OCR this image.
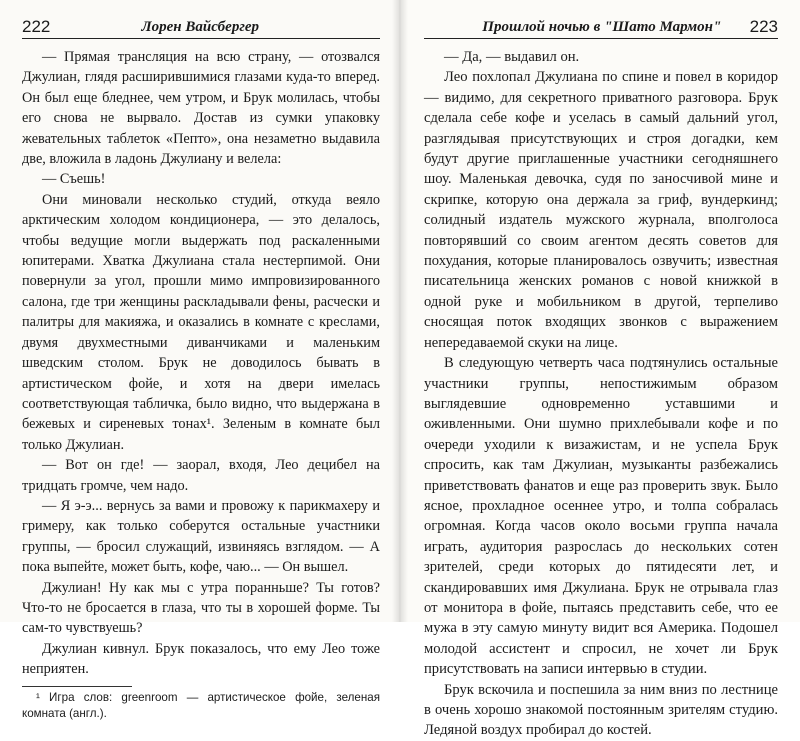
222	Лорен Вайсбергер

— Прямая трансляция на всю страну, — отозвался Джулиан, глядя расширившимися глазами куда-то вперед. Он был еще бледнее, чем утром, и Брук молилась, чтобы его снова не вырвало. Достав из сумки упаковку жевательных таблеток «Пепто», она незаметно выдавила две, вложила в ладонь Джулиану и велела:

— Съешь!

Они миновали несколько студий, откуда веяло арктическим холодом кондиционера, — это делалось, чтобы ведущие могли выдержать под раскаленными юпитерами. Хватка Джулиана стала нестерпимой. Они повернули за угол, прошли мимо импровизированного салона, где три женщины раскладывали фены, расчески и палитры для макияжа, и оказались в комнате с креслами, двумя двухместными диванчиками и маленьким шведским столом. Брук не доводилось бывать в артистическом фойе, и хотя на двери имелась соответствующая табличка, было видно, что выдержана в бежевых и сиреневых тонах¹. Зеленым в комнате был только Джулиан.

— Вот он где! — заорал, входя, Лео децибел на тридцать громче, чем надо.

— Я э-э... вернусь за вами и провожу к парикмахеру и гримеру, как только соберутся остальные участники группы, — бросил служащий, извиняясь взглядом. — А пока выпейте, может быть, кофе, чаю... — Он вышел.

Джулиан! Ну как мы с утра поранньше? Ты готов? Что-то не бросается в глаза, что ты в хорошей форме. Ты сам-то чувствуешь?

Джулиан кивнул. Брук показалось, что ему Лео тоже неприятен.

¹ Игра слов: greenroom — артистическое фойе, зеленая комната (англ.).

Прошлой ночью в "Шато Мармон" 223

— Да, — выдавил он.

Лео похлопал Джулиана по спине и повел в коридор — видимо, для секретного приватного разговора. Брук сделала себе кофе и уселась в самый дальний угол, разглядывая присутствующих и строя догадки, кем будут другие приглашенные участники сегодняшнего шоу. Маленькая девочка, судя по заносчивой мине и скрипке, которую она держала за гриф, вундеркинд; солидный издатель мужского журнала, вполголоса повторявший со своим агентом десять советов для похудания, которые планировалось озвучить; известная писательница женских романов с новой книжкой в одной руке и мобильником в другой, терпеливо сносящая поток входящих звонков с выражением непередаваемой скуки на лице.

В следующую четверть часа подтянулись остальные участники группы, непостижимым образом выглядевшие одновременно уставшими и оживленными. Они шумно прихлебывали кофе и по очереди уходили к визажистам, и не успела Брук спросить, как там Джулиан, музыканты разбежались приветствовать фанатов и еще раз проверить звук. Было ясное, прохладное осеннее утро, и толпа собралась огромная. Когда часов около восьми группа начала играть, аудитория разрослась до нескольких сотен зрителей, среди которых до пятидесяти лет, и скандировавших имя Джулиана. Брук не отрывала глаз от монитора в фойе, пытаясь представить себе, что ее мужа в эту самую минуту видит вся Америка. Подошел молодой ассистент и спросил, не хочет ли Брук присутствовать на записи интервью в студии.

Брук вскочила и поспешила за ним вниз по лестнице в очень хорошо знакомой постоянным зрителям студию. Ледяной воздух пробирал до костей.
